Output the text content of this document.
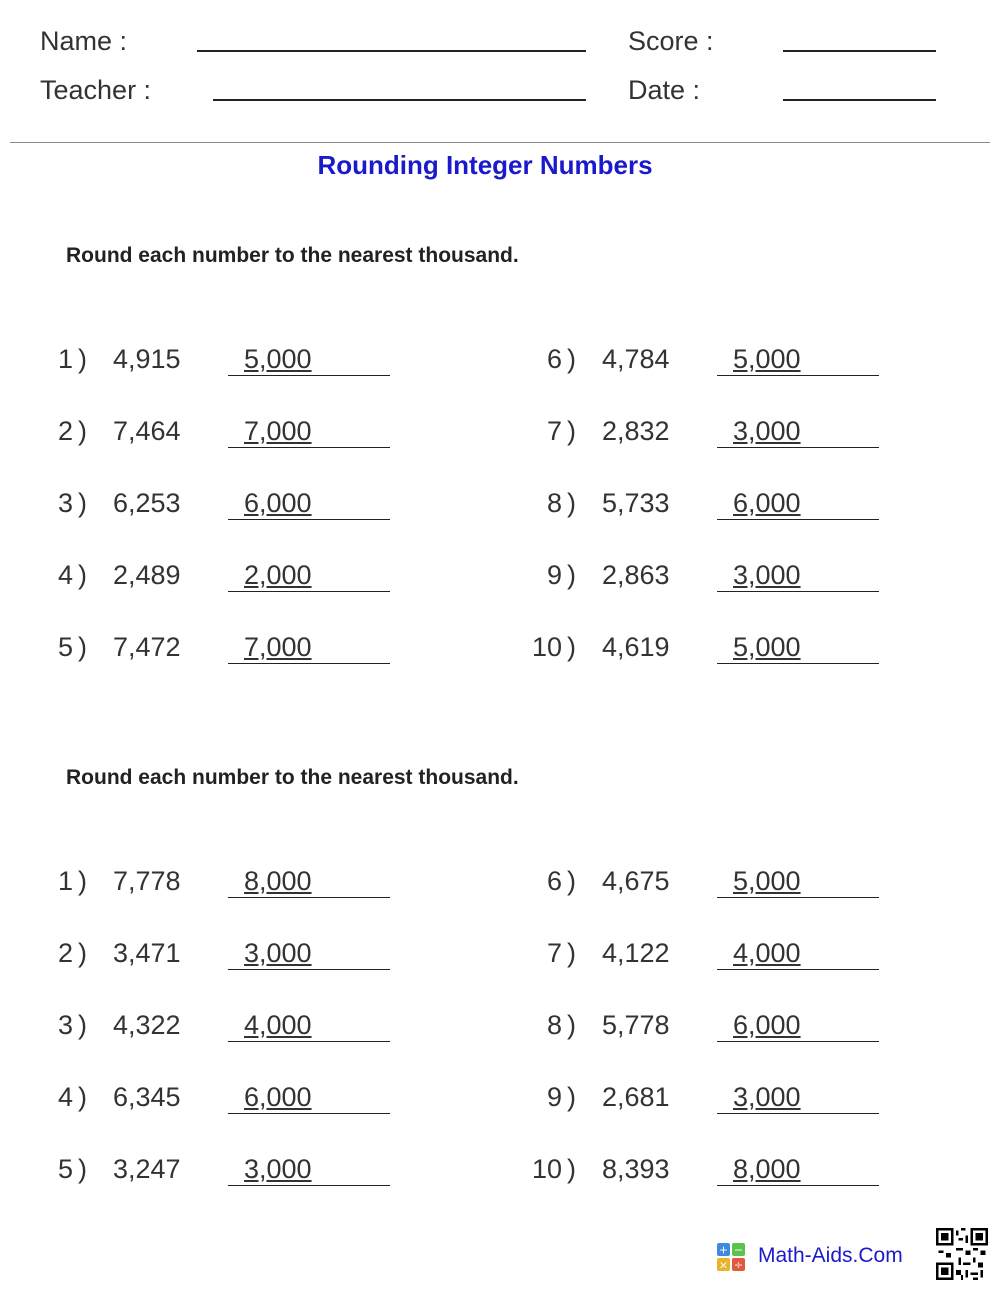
Name :	Score :
Teacher :	Date :
Rounding Integer Numbers
Round each number to the nearest thousand.
1 ) 4,915	5,000
2 ) 7,464	7,000
3 ) 6,253	6,000
4 ) 2,489	2,000
5 ) 7,472	7,000
6 ) 4,784	5,000
7 ) 2,832	3,000
8 ) 5,733	6,000
9 ) 2,863	3,000
10 ) 4,619	5,000
Round each number to the nearest thousand.
1 ) 7,778	8,000
2 ) 3,471	3,000
3 ) 4,322	4,000
4 ) 6,345	6,000
5 ) 3,247	3,000
6 ) 4,675	5,000
7 ) 4,122	4,000
8 ) 5,778	6,000
9 ) 2,681	3,000
10 ) 8,393	8,000
+ −
× ÷ Math-Aids.Com
